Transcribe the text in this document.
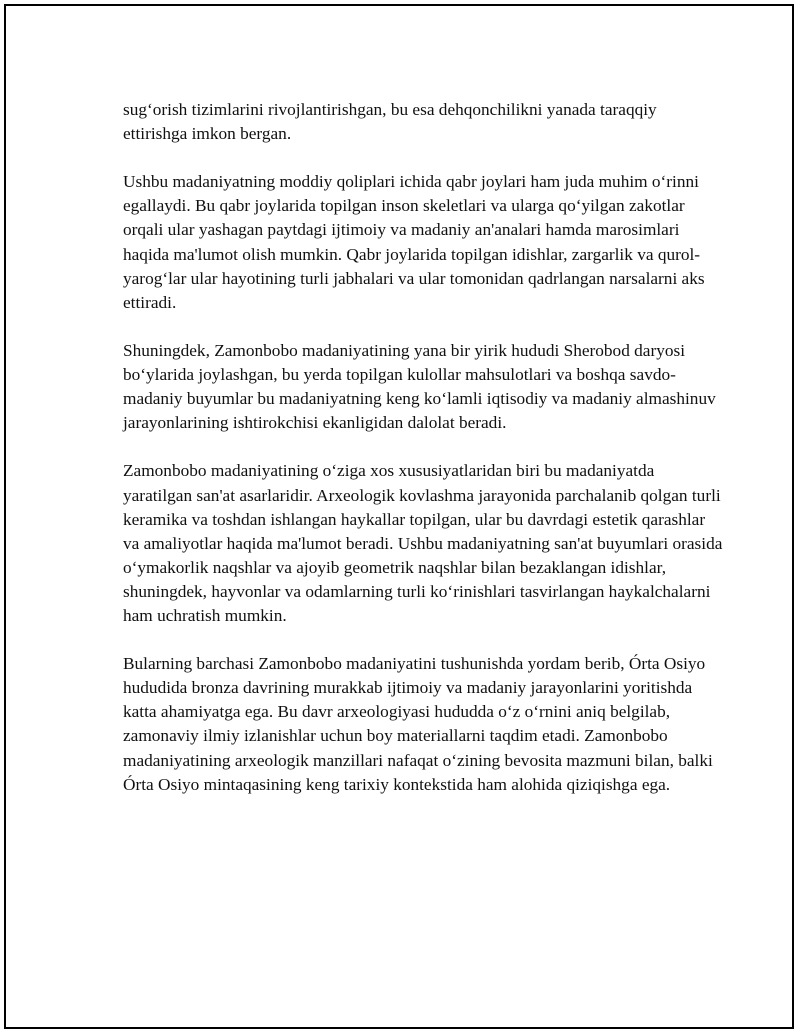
sug‘orish tizimlarini rivojlantirishgan, bu esa dehqonchilikni yanada taraqqiy ettirishga imkon bergan.

Ushbu madaniyatning moddiy qoliplari ichida qabr joylari ham juda muhim o‘rinni egallaydi. Bu qabr joylarida topilgan inson skeletlari va ularga qo‘yilgan zakotlar orqali ular yashagan paytdagi ijtimoiy va madaniy an'analari hamda marosimlari haqida ma'lumot olish mumkin. Qabr joylarida topilgan idishlar, zargarlik va qurol-yarog‘lar ular hayotining turli jabhalari va ular tomonidan qadrlangan narsalarni aks ettiradi.

Shuningdek, Zamonbobo madaniyatining yana bir yirik hududi Sherobod daryosi bo‘ylarida joylashgan, bu yerda topilgan kulollar mahsulotlari va boshqa savdo-madaniy buyumlar bu madaniyatning keng ko‘lamli iqtisodiy va madaniy almashinuv jarayonlarining ishtirokchisi ekanligidan dalolat beradi.

Zamonbobo madaniyatining o‘ziga xos xususiyatlaridan biri bu madaniyatda yaratilgan san'at asarlaridir. Arxeologik kovlashma jarayonida parchalanib qolgan turli keramika va toshdan ishlangan haykallar topilgan, ular bu davrdagi estetik qarashlar va amaliyotlar haqida ma'lumot beradi. Ushbu madaniyatning san'at buyumlari orasida o‘ymakorlik naqshlar va ajoyib geometrik naqshlar bilan bezaklangan idishlar, shuningdek, hayvonlar va odamlarning turli ko‘rinishlari tasvirlangan haykalchalarni ham uchratish mumkin.

Bularning barchasi Zamonbobo madaniyatini tushunishda yordam berib, Órta Osiyo hududida bronza davrining murakkab ijtimoiy va madaniy jarayonlarini yoritishda katta ahamiyatga ega. Bu davr arxeologiyasi hududda o‘z o‘rnini aniq belgilab, zamonaviy ilmiy izlanishlar uchun boy materiallarni taqdim etadi. Zamonbobo madaniyatining arxeologik manzillari nafaqat o‘zining bevosita mazmuni bilan, balki Órta Osiyo mintaqasining keng tarixiy kontekstida ham alohida qiziqishga ega.
